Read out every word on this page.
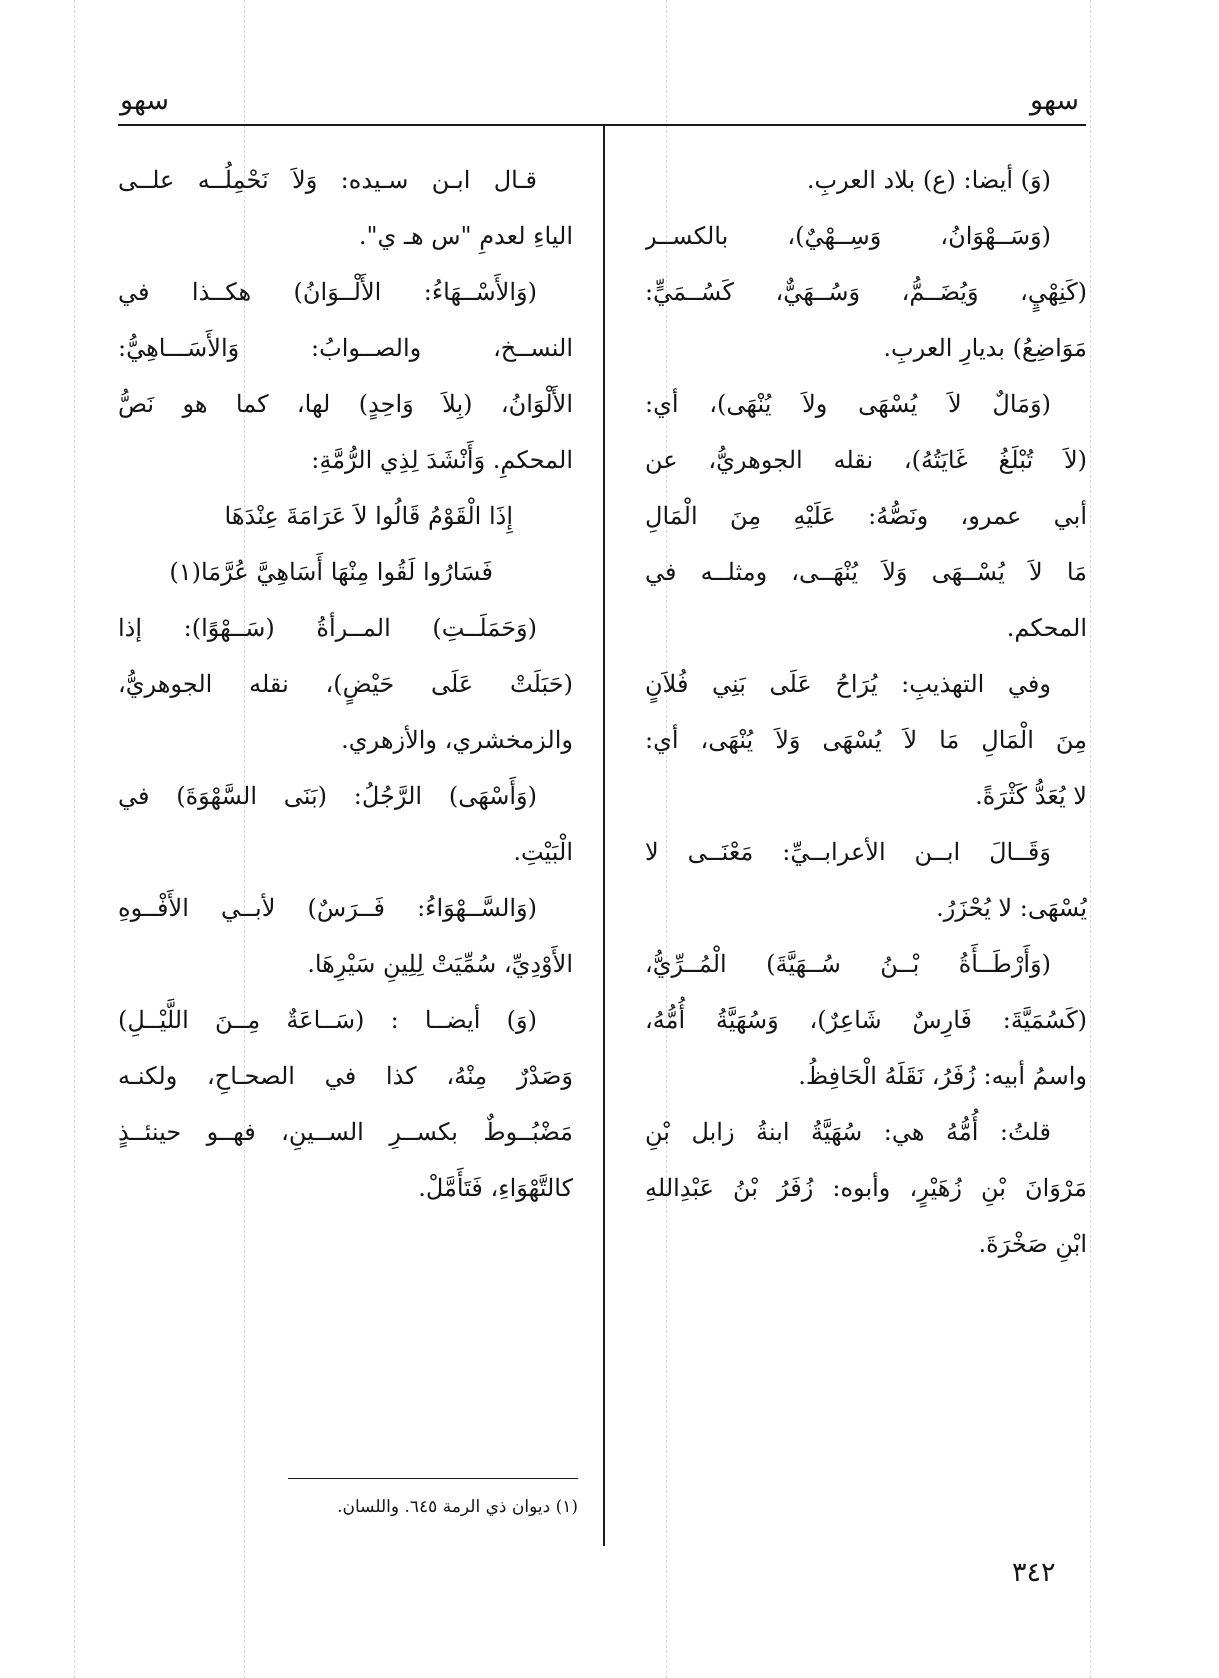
سهو
سهو
(وَ) أيضا: (ع) بلاد العربِ.
(وَسَــهْوَانُ، وَسِــهْيٌ)، بالكســر
(كَنِهْيٍ، وَيُضَــمُّ، وَسُــهَيٌّ، كَسُــمَيٍّ:
مَوَاضِعُ) بديارِ العربِ.
(وَمَالٌ لاَ يُسْهَى ولاَ يُنْهَى)، أي:
(لاَ تُبْلَغُ غَايَتُهُ)، نقله الجوهريُّ، عن
أبي عمرو، ونَصُّهُ: عَلَيْهِ مِنَ الْمَالِ
مَا لاَ يُسْــهَى وَلاَ يُنْهَــى، ومثلــه في
المحكم.
وفي التهذيبِ: يُرَاحُ عَلَى بَنِي فُلاَنٍ
مِنَ الْمَالِ مَا لاَ يُسْهَى وَلاَ يُنْهَى، أي:
لا يُعَدُّ كَثْرَةً.
وَقَــالَ ابــن الأعرابــيِّ: مَعْنَــى لا
يُسْهَى: لا يُحْزَرُ.
(وَأَرْطَــأَةُ بْــنُ سُــهَيَّةَ) الْمُــرِّيُّ،
(كَسُمَيَّةَ: فَارِسٌ شَاعِرٌ)، وَسُهَيَّةُ أُمُّهُ،
واسمُ أبيه: زُفَرُ، نَقَلَهُ الْحَافِظُ.
قلتُ: أُمُّهُ هي: سُهَيَّةُ ابنةُ زابل بْنِ
مَرْوَانَ بْنِ زُهَيْرٍ، وأبوه: زُفَرُ بْنُ عَبْدِاللهِ
ابْنِ صَخْرَةَ.
قـال ابـن سـيده: وَلاَ نَحْمِلُــه علــى
الياءِ لعدمِ "س هـ ي".
(وَالأَسْــهَاءُ: الأَلْــوَانُ) هكــذا في
النســخ، والصــوابُ: وَالأَسَـــاهِيُّ:
الأَلْوَانُ، (بِلاَ وَاحِدٍ) لها، كما هو نَصُّ
المحكمِ. وَأَنْشَدَ لِذِي الرُّمَّةِ:
إِذَا الْقَوْمُ قَالُوا لاَ عَرَامَةَ عِنْدَهَا
فَسَارُوا لَقُوا مِنْهَا أَسَاهِيَّ عُرَّمَا(١)
(وَحَمَلَــتِ) المــرأةُ (سَــهْوًا): إذا
(حَبَلَتْ عَلَى حَيْضٍ)، نقله الجوهريُّ،
والزمخشري، والأزهري.
(وَأَسْهَى) الرَّجُلُ: (بَنَى السَّهْوَةَ) في
الْبَيْتِ.
(وَالسَّــهْوَاءُ: فَــرَسٌ) لأبــي الأَفْــوهِ
الأَوْدِيِّ، سُمِّيَتْ لِلِينِ سَيْرِهَا.
(وَ) أيضــا : (سَــاعَةٌ مِــنَ اللَّيْــلِ)
وَصَدْرٌ مِنْهُ، كذا في الصحـاحِ، ولكنـه
مَضْبُــوطٌ بكســرِ الســينِ، فهــو حينئــذٍ
كالتَّهْوَاءِ، فَتَأَمَّلْ.
(١) ديوان ذي الرمة ٦٤٥. واللسان.
٣٤٢
